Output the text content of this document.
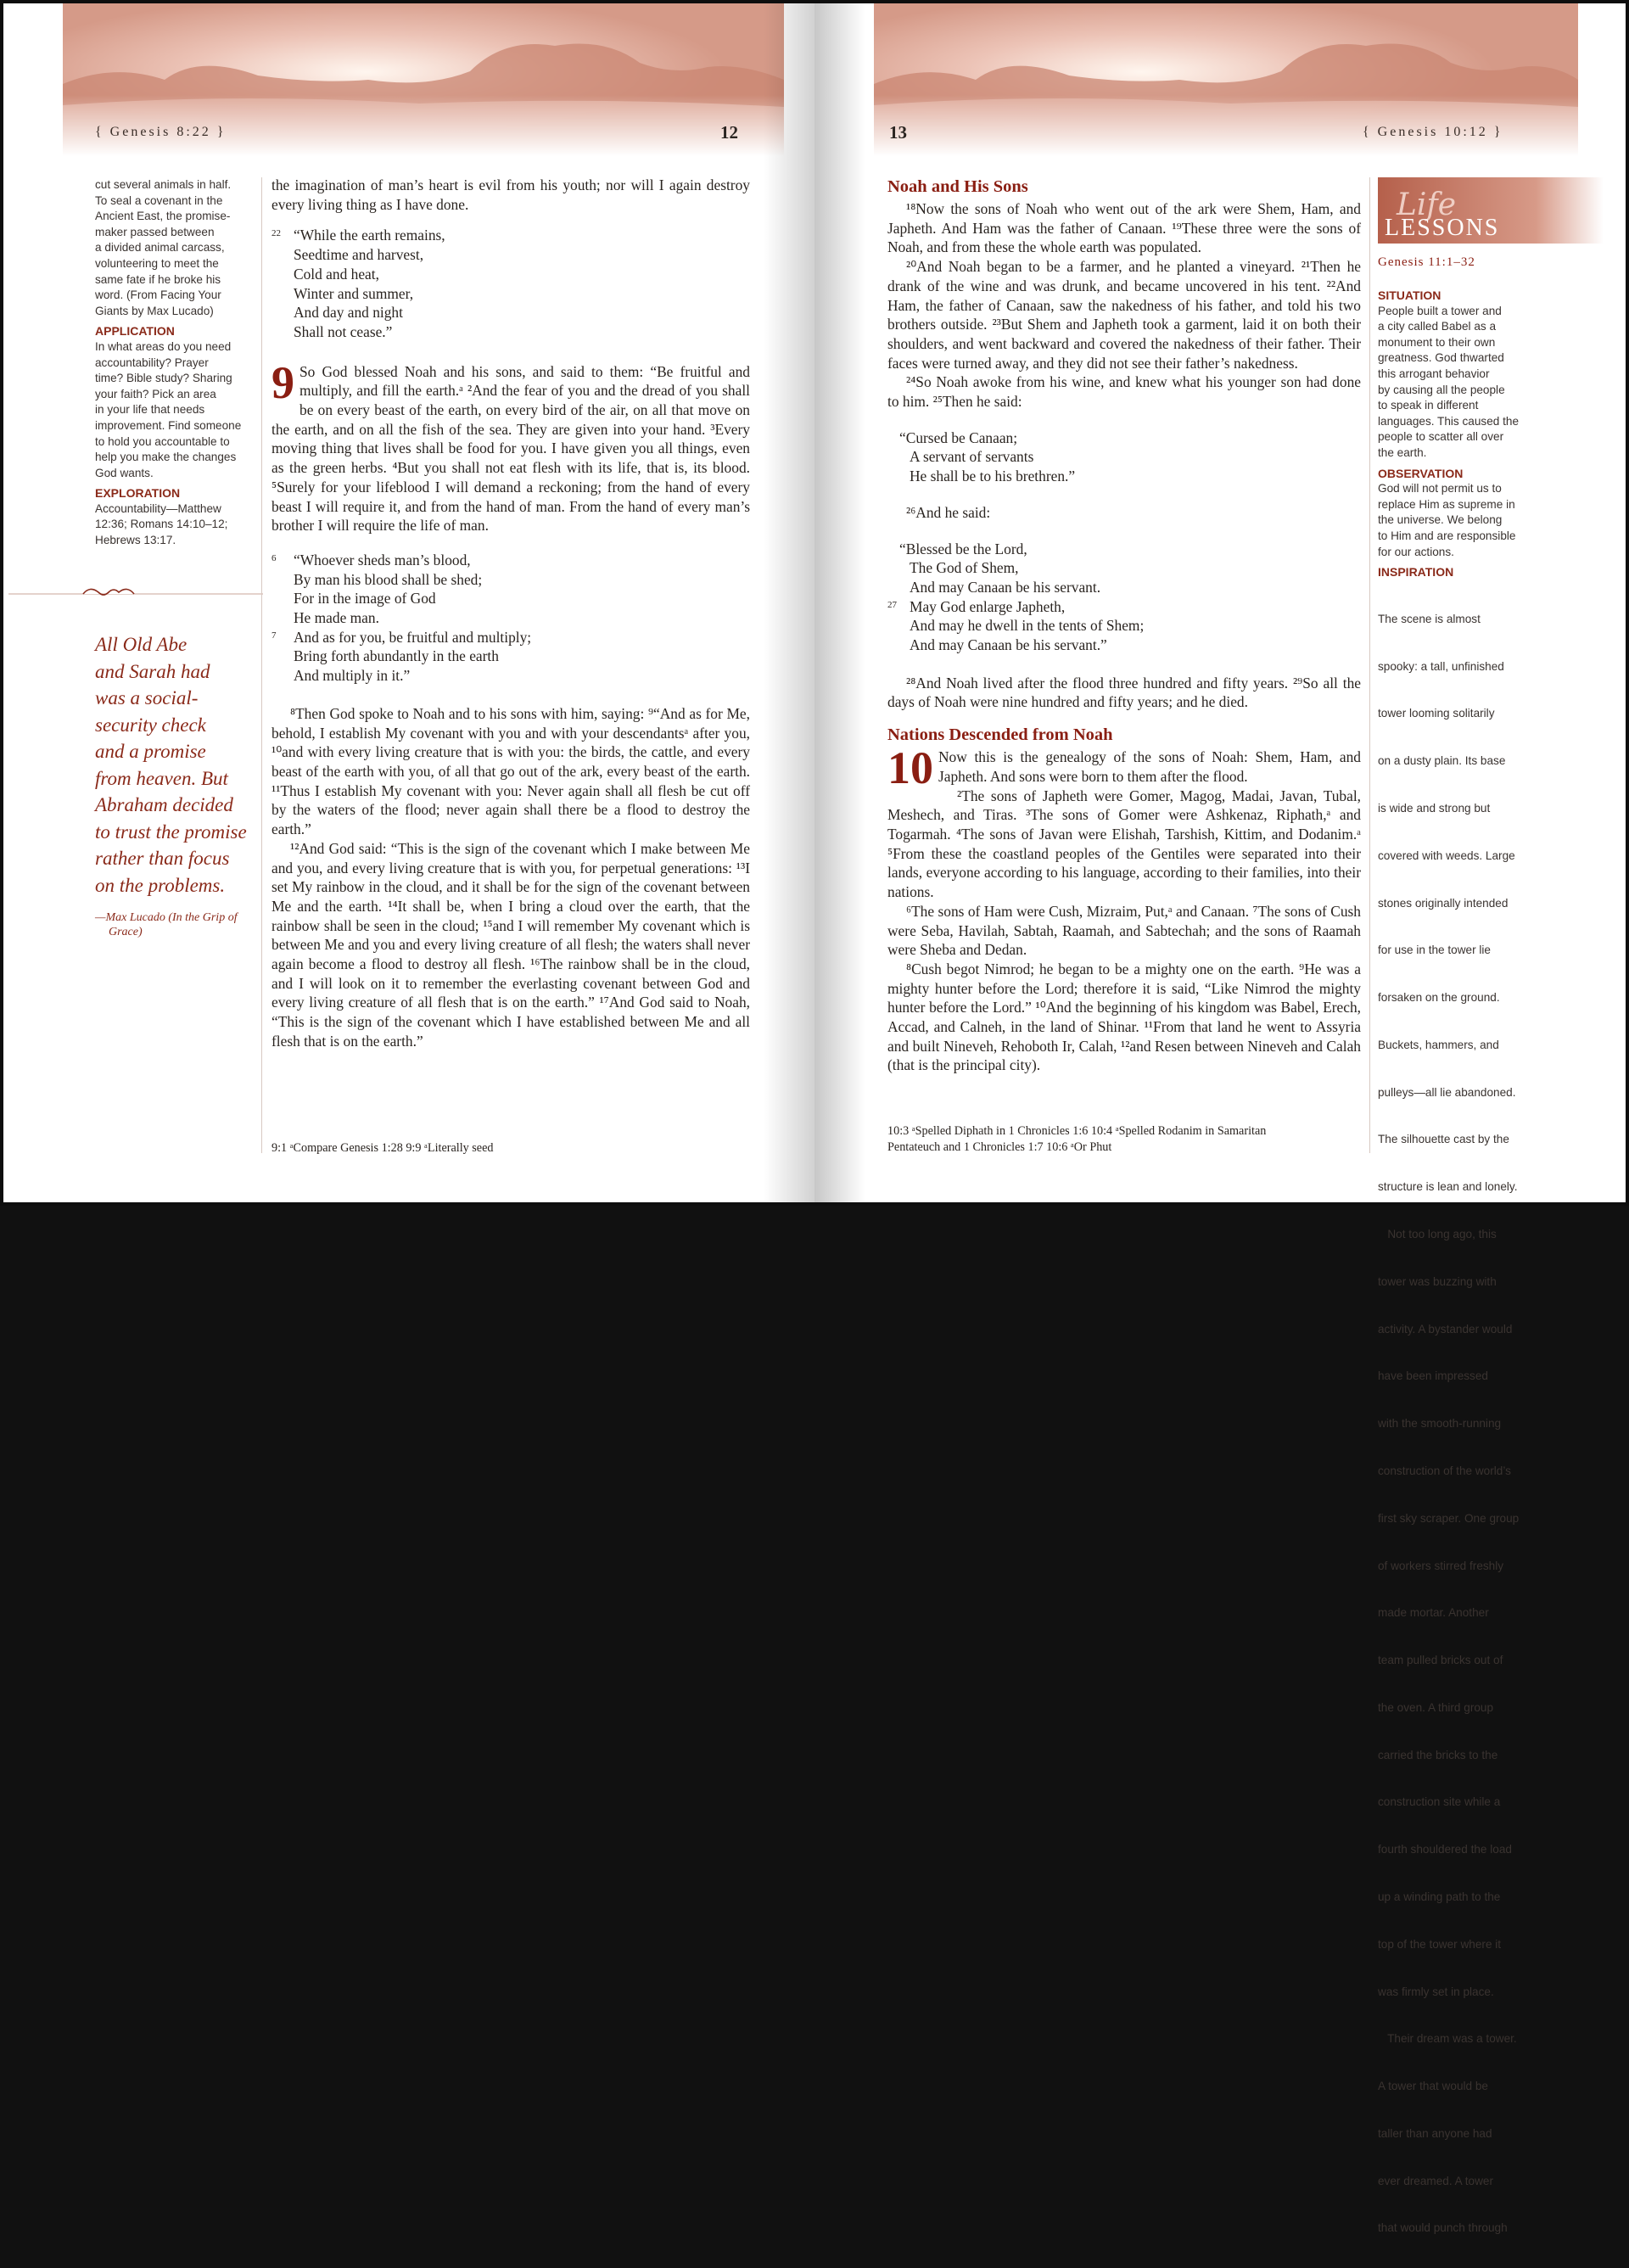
{ Genesis 8:22 }	12
cut several animals in half.
To seal a covenant in the
Ancient East, the promise-
maker passed between
a divided animal carcass,
volunteering to meet the
same fate if he broke his
word. (From Facing Your
Giants by Max Lucado)
APPLICATION
In what areas do you need
accountability? Prayer
time? Bible study? Sharing
your faith? Pick an area
in your life that needs
improvement. Find someone
to hold you accountable to
help you make the changes
God wants.
EXPLORATION
Accountability—Matthew
12:36; Romans 14:10–12;
Hebrews 13:17.
All Old Abe
and Sarah had
was a social-
security check
and a promise
from heaven. But
Abraham decided
to trust the promise
rather than focus
on the problems.
—Max Lucado (In the Grip of Grace)

the imagination of man’s heart is evil from his youth; nor will I again destroy every living thing as I have done.

22 “While the earth remains,
Seedtime and harvest,
Cold and heat,
Winter and summer,
And day and night
Shall not cease.”

9 So God blessed Noah and his sons, and said to them: “Be fruitful and multiply, and fill the earth.ᵃ ²And the fear of you and the dread of you shall be on every beast of the earth, on every bird of the air, on all that move on the earth, and on all the fish of the sea. They are given into your hand. ³Every moving thing that lives shall be food for you. I have given you all things, even as the green herbs. ⁴But you shall not eat flesh with its life, that is, its blood. ⁵Surely for your lifeblood I will demand a reckoning; from the hand of every beast I will require it, and from the hand of man. From the hand of every man’s brother I will require the life of man.

6 “Whoever sheds man’s blood,
By man his blood shall be shed;
For in the image of God
He made man.
7 And as for you, be fruitful and multiply;
Bring forth abundantly in the earth
And multiply in it.”

⁸Then God spoke to Noah and to his sons with him, saying: ⁹“And as for Me, behold, I establish My covenant with you and with your descendantsᵃ after you, ¹⁰and with every living creature that is with you: the birds, the cattle, and every beast of the earth with you, of all that go out of the ark, every beast of the earth. ¹¹Thus I establish My covenant with you: Never again shall all flesh be cut off by the waters of the flood; never again shall there be a flood to destroy the earth.”

¹²And God said: “This is the sign of the covenant which I make between Me and you, and every living creature that is with you, for perpetual generations: ¹³I set My rainbow in the cloud, and it shall be for the sign of the covenant between Me and the earth. ¹⁴It shall be, when I bring a cloud over the earth, that the rainbow shall be seen in the cloud; ¹⁵and I will remember My covenant which is between Me and you and every living creature of all flesh; the waters shall never again become a flood to destroy all flesh. ¹⁶The rainbow shall be in the cloud, and I will look on it to remember the everlasting covenant between God and every living creature of all flesh that is on the earth.” ¹⁷And God said to Noah, “This is the sign of the covenant which I have established between Me and all flesh that is on the earth.”

9:1 ᵃCompare Genesis 1:28 9:9 ᵃLiterally seed
13	{ Genesis 10:12 }
Noah and His Sons

¹⁸Now the sons of Noah who went out of the ark were Shem, Ham, and Japheth. And Ham was the father of Canaan. ¹⁹These three were the sons of Noah, and from these the whole earth was populated.

²⁰And Noah began to be a farmer, and he planted a vineyard. ²¹Then he drank of the wine and was drunk, and became uncovered in his tent. ²²And Ham, the father of Canaan, saw the nakedness of his father, and told his two brothers outside. ²³But Shem and Japheth took a garment, laid it on both their shoulders, and went backward and covered the nakedness of their father. Their faces were turned away, and they did not see their father’s nakedness.

²⁴So Noah awoke from his wine, and knew what his younger son had done to him. ²⁵Then he said:

“Cursed be Canaan;
A servant of servants
He shall be to his brethren.”

²⁶And he said:

“Blessed be the Lord,
The God of Shem,
And may Canaan be his servant.
27 May God enlarge Japheth,
And may he dwell in the tents of Shem;
And may Canaan be his servant.”

²⁸And Noah lived after the flood three hundred and fifty years. ²⁹So all the days of Noah were nine hundred and fifty years; and he died.

Nations Descended from Noah

10 Now this is the genealogy of the sons of Noah: Shem, Ham, and Japheth. And sons were born to them after the flood.

²The sons of Japheth were Gomer, Magog, Madai, Javan, Tubal, Meshech, and Tiras. ³The sons of Gomer were Ashkenaz, Riphath,ᵃ and Togarmah. ⁴The sons of Javan were Elishah, Tarshish, Kittim, and Dodanim.ᵃ ⁵From these the coastland peoples of the Gentiles were separated into their lands, everyone according to his language, according to their families, into their nations.

⁶The sons of Ham were Cush, Mizraim, Put,ᵃ and Canaan. ⁷The sons of Cush were Seba, Havilah, Sabtah, Raamah, and Sabtechah; and the sons of Raamah were Sheba and Dedan.

⁸Cush begot Nimrod; he began to be a mighty one on the earth. ⁹He was a mighty hunter before the Lord; therefore it is said, “Like Nimrod the mighty hunter before the Lord.” ¹⁰And the beginning of his kingdom was Babel, Erech, Accad, and Calneh, in the land of Shinar. ¹¹From that land he went to Assyria and built Nineveh, Rehoboth Ir, Calah, ¹²and Resen between Nineveh and Calah (that is the principal city).

10:3 ᵃSpelled Diphath in 1 Chronicles 1:6 10:4 ᵃSpelled Rodanim in Samaritan
Pentateuch and 1 Chronicles 1:7 10:6 ᵃOr Phut
Life
LESSONS
Genesis 11:1–32
SITUATION
People built a tower and
a city called Babel as a
monument to their own
greatness. God thwarted
this arrogant behavior
by causing all the people
to speak in different
languages. This caused the
people to scatter all over
the earth.
OBSERVATION
God will not permit us to
replace Him as supreme in
the universe. We belong
to Him and are responsible
for our actions.
INSPIRATION

The scene is almost

spooky: a tall, unfinished

tower looming solitarily

on a dusty plain. Its base

is wide and strong but

covered with weeds. Large

stones originally intended

for use in the tower lie

forsaken on the ground.

Buckets, hammers, and

pulleys—all lie abandoned.

The silhouette cast by the

structure is lean and lonely.

Not too long ago, this

tower was buzzing with

activity. A bystander would

have been impressed

with the smooth-running

construction of the world’s

first sky scraper. One group

of workers stirred freshly

made mortar. Another

team pulled bricks out of

the oven. A third group

carried the bricks to the

construction site while a

fourth shouldered the load

up a winding path to the

top of the tower where it

was firmly set in place.

Their dream was a tower.

A tower that would be

taller than anyone had

ever dreamed. A tower

that would punch through
